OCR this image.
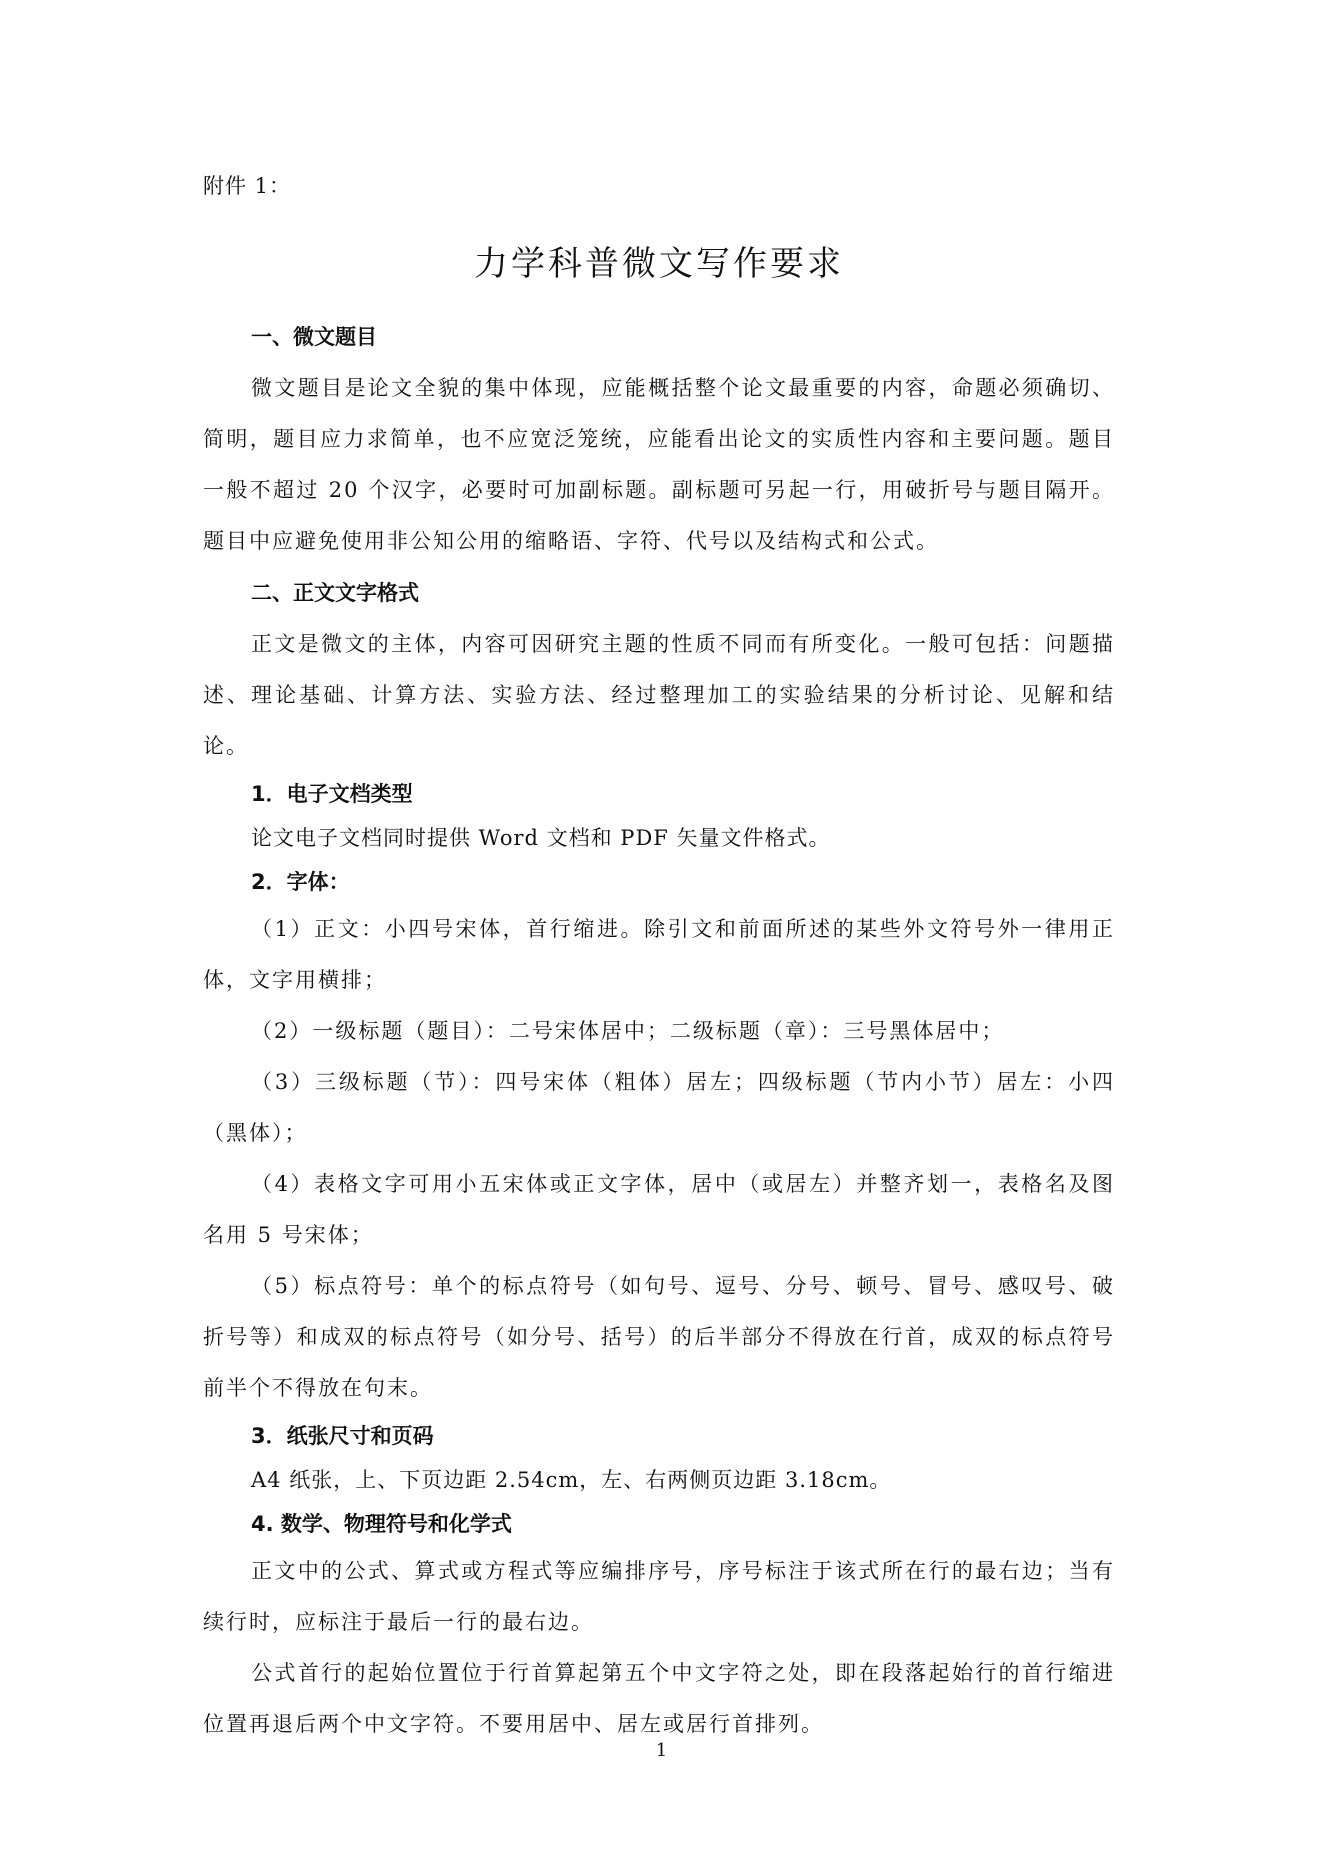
附件 1：

力学科普微文写作要求

一、微文题目

微文题目是论文全貌的集中体现，应能概括整个论文最重要的内容，命题必须确切、简明，题目应力求简单，也不应宽泛笼统，应能看出论文的实质性内容和主要问题。题目一般不超过 20 个汉字，必要时可加副标题。副标题可另起一行，用破折号与题目隔开。题目中应避免使用非公知公用的缩略语、字符、代号以及结构式和公式。

二、正文文字格式

正文是微文的主体，内容可因研究主题的性质不同而有所变化。一般可包括：问题描述、理论基础、计算方法、实验方法、经过整理加工的实验结果的分析讨论、见解和结论。

1．电子文档类型

论文电子文档同时提供 Word 文档和 PDF 矢量文件格式。

2．字体：

（1）正文：小四号宋体，首行缩进。除引文和前面所述的某些外文符号外一律用正体，文字用横排；

（2）一级标题（题目）：二号宋体居中；二级标题（章）：三号黑体居中；

（3）三级标题（节）：四号宋体（粗体）居左；四级标题（节内小节）居左：小四（黑体）；

（4）表格文字可用小五宋体或正文字体，居中（或居左）并整齐划一，表格名及图名用 5 号宋体；

（5）标点符号：单个的标点符号（如句号、逗号、分号、顿号、冒号、感叹号、破折号等）和成双的标点符号（如分号、括号）的后半部分不得放在行首，成双的标点符号前半个不得放在句末。

3．纸张尺寸和页码

A4 纸张，上、下页边距 2.54cm，左、右两侧页边距 3.18cm。

4. 数学、物理符号和化学式

正文中的公式、算式或方程式等应编排序号，序号标注于该式所在行的最右边；当有续行时，应标注于最后一行的最右边。

公式首行的起始位置位于行首算起第五个中文字符之处，即在段落起始行的首行缩进位置再退后两个中文字符。不要用居中、居左或居行首排列。

1
